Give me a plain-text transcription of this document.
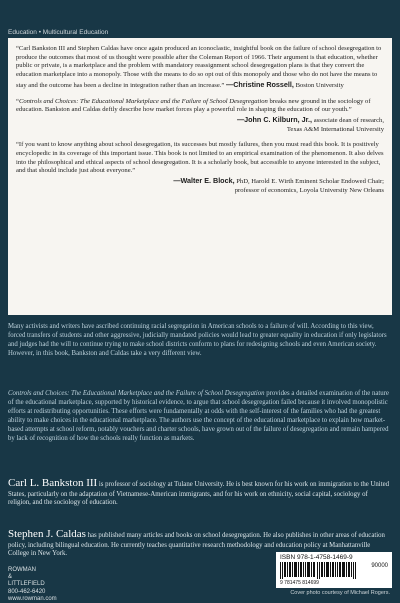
Education • Multicultural Education
“Carl Bankston III and Stephen Caldas have once again produced an iconoclastic, insightful book on the failure of school desegregation to produce the outcomes that most of us thought were possible after the Coleman Report of 1966. Their argument is that education, whether public or private, is a marketplace and the problem with mandatory reassignment school desegregation plans is that they convert the education marketplace into a monopoly. Those with the means to do so opt out of this monopoly and those who do not have the means to stay and the outcome has been a decline in integration rather than an increase.” —Christine Rossell, Boston University
“Controls and Choices: The Educational Marketplace and the Failure of School Desegregation breaks new ground in the sociology of education. Bankston and Caldas deftly describe how market forces play a powerful role in shaping the education of our youth.”
—John C. Kilburn, Jr., associate dean of research,
Texas A&M International University
“If you want to know anything about school desegregation, its successes but mostly failures, then you must read this book. It is positively encyclopedic in its coverage of this important issue. This book is not limited to an empirical examination of the phenomenon. It also delves into the philosophical and ethical aspects of school desegregation. It is a scholarly book, but accessible to anyone interested in the subject, and that should include just about everyone.”
—Walter E. Block, PhD, Harold E. Wirth Eminent Scholar Endowed Chair;
professor of economics, Loyola University New Orleans
Many activists and writers have ascribed continuing racial segregation in American schools to a failure of will. According to this view, forced transfers of students and other aggressive, judicially mandated policies would lead to greater equality in education if only legislators and judges had the will to continue trying to make school districts conform to plans for redesigning schools and even American society. However, in this book, Bankston and Caldas take a very different view.
Controls and Choices: The Educational Marketplace and the Failure of School Desegregation provides a detailed examination of the nature of the educational marketplace, supported by historical evidence, to argue that school desegregation failed because it involved monopolistic efforts at redistributing opportunities. These efforts were fundamentally at odds with the self-interest of the families who had the greatest ability to make choices in the educational marketplace. The authors use the concept of the educational marketplace to explain how market-based attempts at school reform, notably vouchers and charter schools, have grown out of the failure of desegregation and remain hampered by lack of recognition of how the schools really function as markets.
Carl L. Bankston III is professor of sociology at Tulane University. He is best known for his work on immigration to the United States, particularly on the adaptation of Vietnamese-American immigrants, and for his work on ethnicity, social capital, sociology of religion, and the sociology of education.
Stephen J. Caldas has published many articles and books on school desegregation. He also publishes in other areas of education policy, including bilingual education. He currently teaches quantitative research methodology and education policy at Manhattanville College in New York.
ROWMAN
&
LITTLEFIELD
800-462-6420
www.rowman.com
ISBN 978-1-4758-1469-9
90000
9 781475 814699
Cover photo courtesy of Michael Rogers.
